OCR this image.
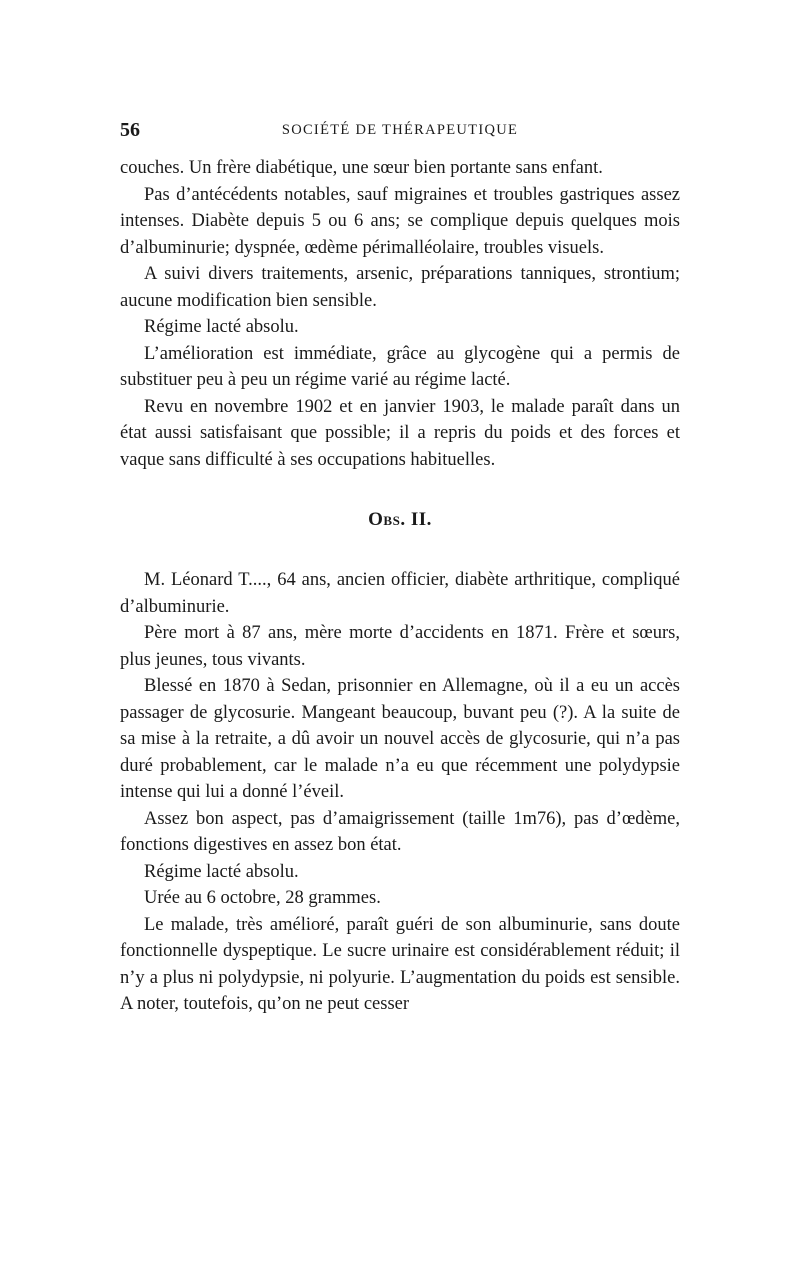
56	SOCIÉTÉ DE THÉRAPEUTIQUE

couches. Un frère diabétique, une sœur bien portante sans enfant.

Pas d’antécédents notables, sauf migraines et troubles gastriques assez intenses. Diabète depuis 5 ou 6 ans; se complique depuis quelques mois d’albuminurie; dyspnée, œdème périmalléolaire, troubles visuels.

A suivi divers traitements, arsenic, préparations tanniques, strontium; aucune modification bien sensible.

Régime lacté absolu.

L’amélioration est immédiate, grâce au glycogène qui a permis de substituer peu à peu un régime varié au régime lacté.

Revu en novembre 1902 et en janvier 1903, le malade paraît dans un état aussi satisfaisant que possible; il a repris du poids et des forces et vaque sans difficulté à ses occupations habituelles.

Obs. II.

M. Léonard T...., 64 ans, ancien officier, diabète arthritique, compliqué d’albuminurie.

Père mort à 87 ans, mère morte d’accidents en 1871. Frère et sœurs, plus jeunes, tous vivants.

Blessé en 1870 à Sedan, prisonnier en Allemagne, où il a eu un accès passager de glycosurie. Mangeant beaucoup, buvant peu (?). A la suite de sa mise à la retraite, a dû avoir un nouvel accès de glycosurie, qui n’a pas duré probablement, car le malade n’a eu que récemment une polydypsie intense qui lui a donné l’éveil.

Assez bon aspect, pas d’amaigrissement (taille 1m76), pas d’œdème, fonctions digestives en assez bon état.

Régime lacté absolu.

Urée au 6 octobre, 28 grammes.

Le malade, très amélioré, paraît guéri de son albuminurie, sans doute fonctionnelle dyspeptique. Le sucre urinaire est considérablement réduit; il n’y a plus ni polydypsie, ni polyurie. L’augmentation du poids est sensible. A noter, toutefois, qu’on ne peut cesser
